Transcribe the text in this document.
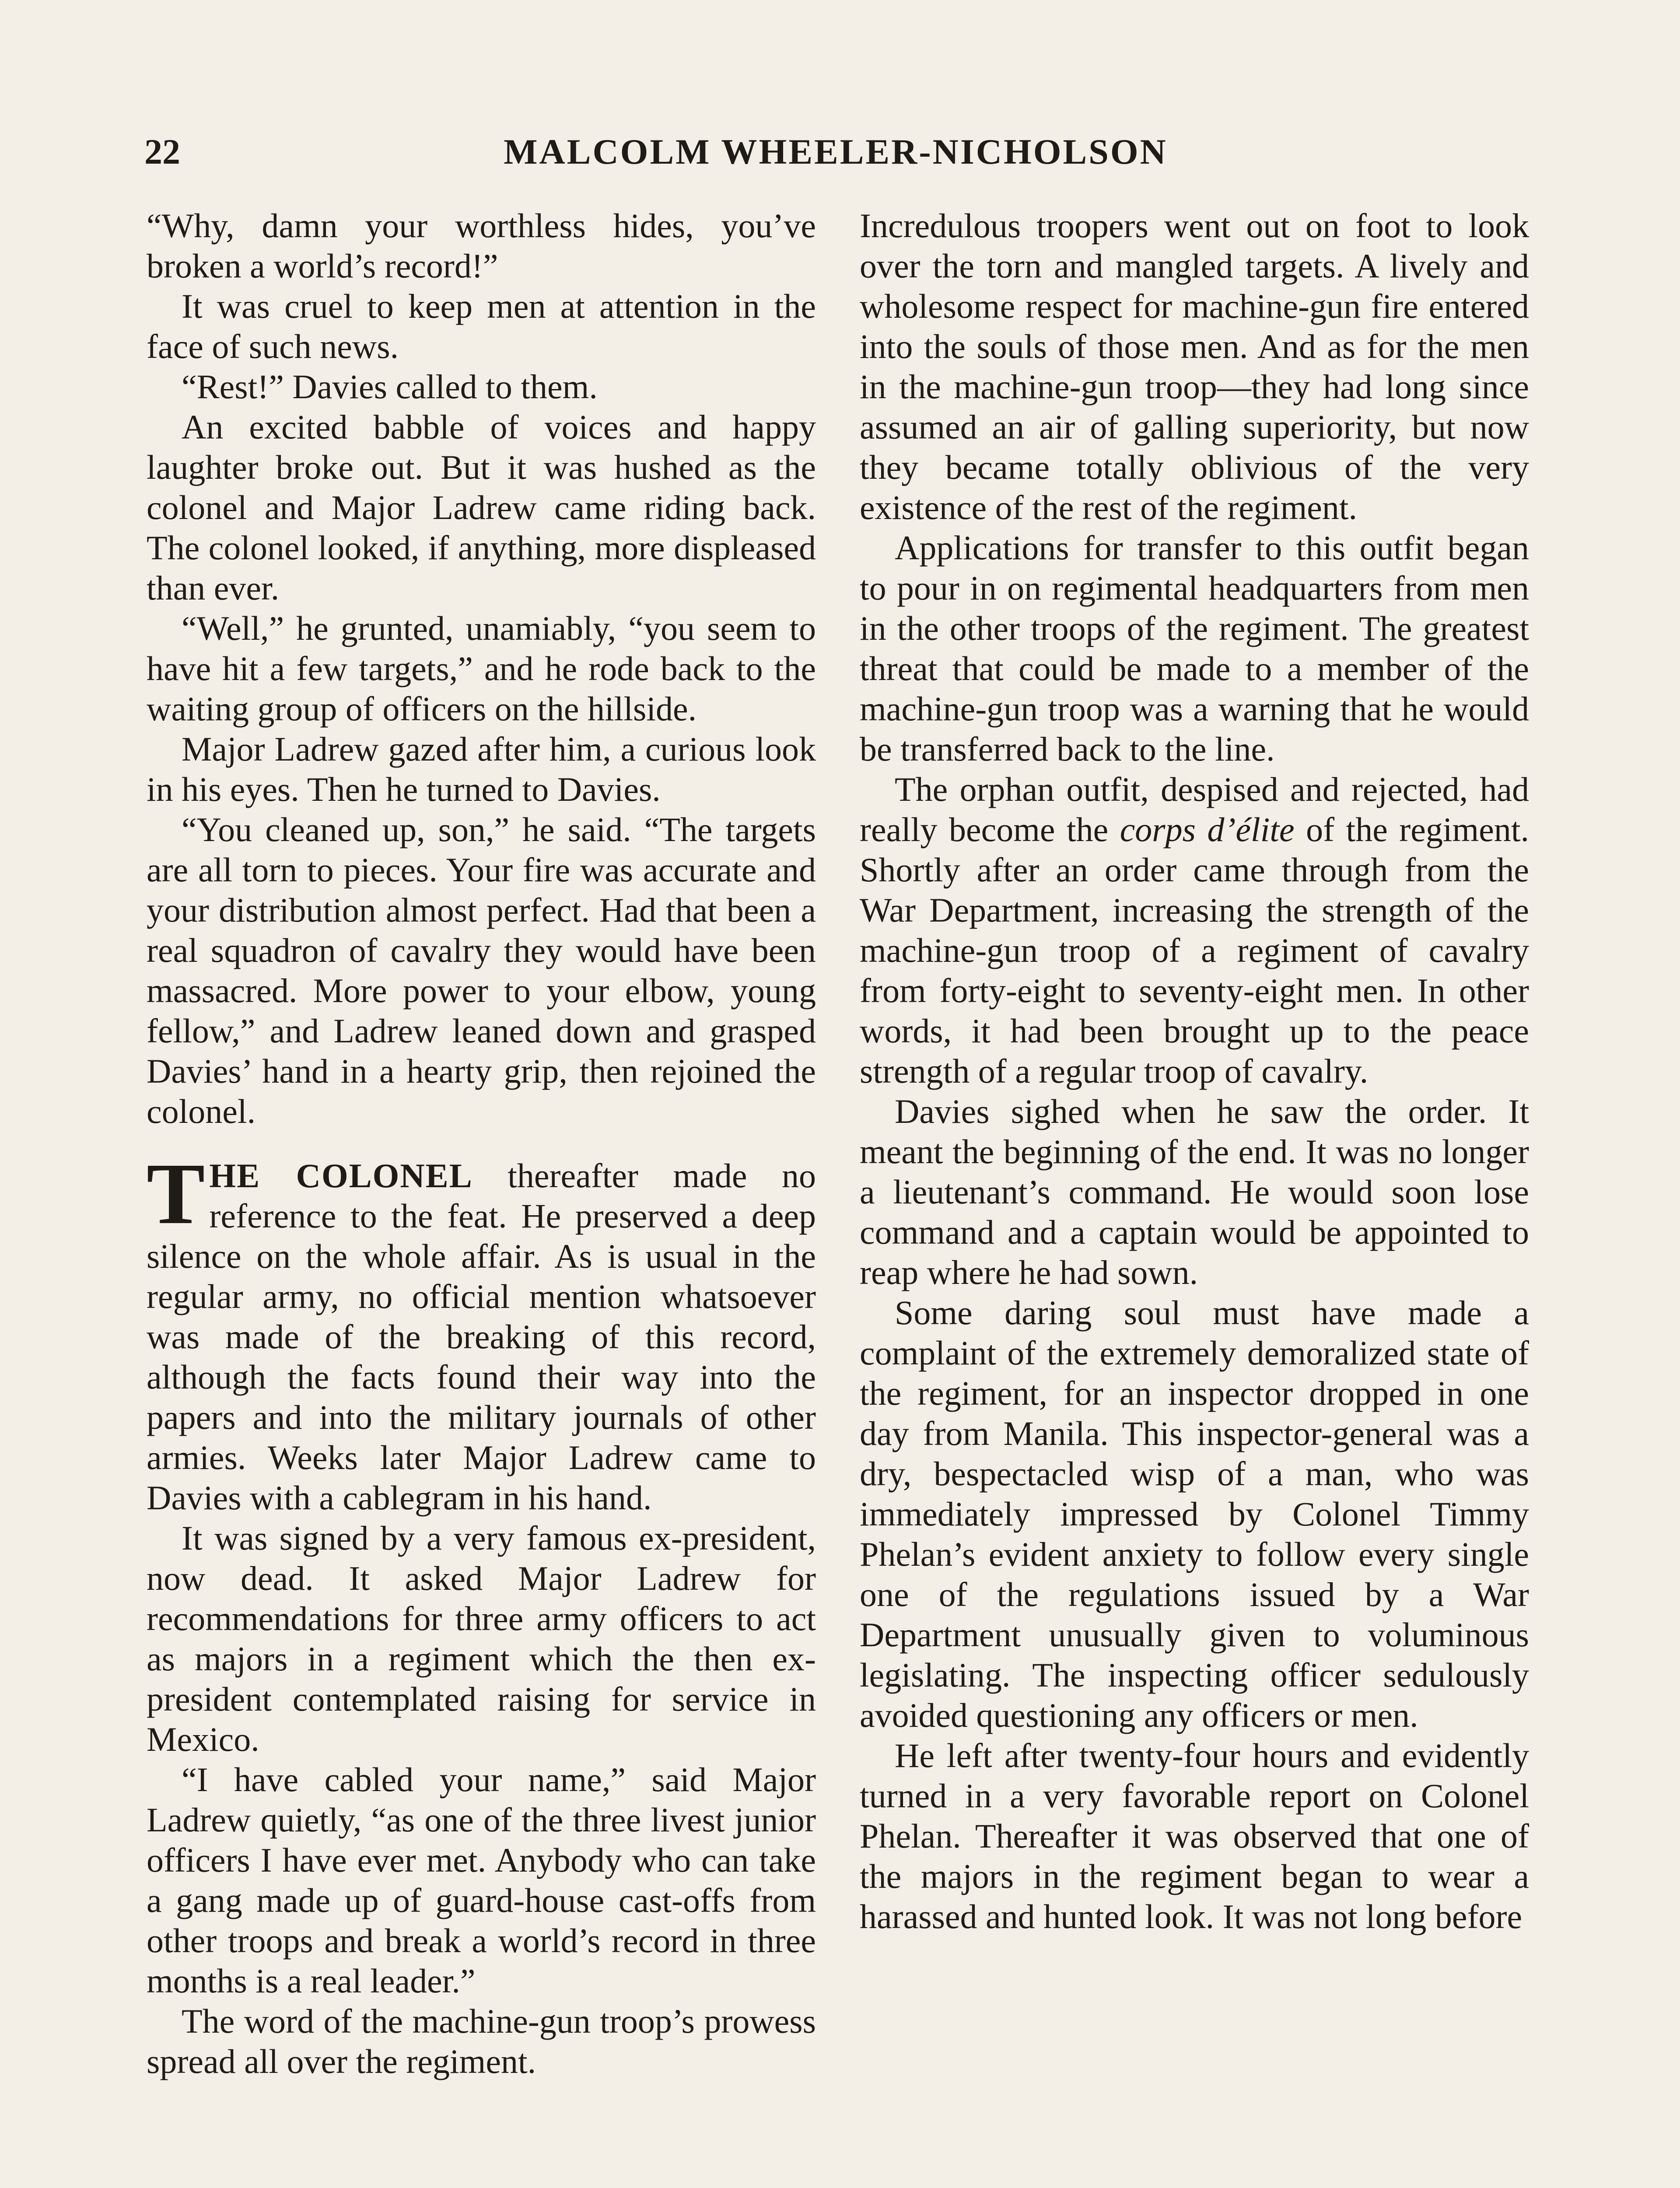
22	MALCOLM WHEELER-NICHOLSON

“Why, damn your worthless hides, you’ve broken a world’s record!”

It was cruel to keep men at attention in the face of such news.

“Rest!” Davies called to them.

An excited babble of voices and happy laughter broke out. But it was hushed as the colonel and Major Ladrew came riding back. The colonel looked, if anything, more displeased than ever.

“Well,” he grunted, unamiably, “you seem to have hit a few targets,” and he rode back to the waiting group of officers on the hillside.

Major Ladrew gazed after him, a curious look in his eyes. Then he turned to Davies.

“You cleaned up, son,” he said. “The targets are all torn to pieces. Your fire was accurate and your distribution almost perfect. Had that been a real squadron of cavalry they would have been massacred. More power to your elbow, young fellow,” and Ladrew leaned down and grasped Davies’ hand in a hearty grip, then rejoined the colonel.

THE COLONEL thereafter made no reference to the feat. He preserved a deep silence on the whole affair. As is usual in the regular army, no official mention whatsoever was made of the breaking of this record, although the facts found their way into the papers and into the military journals of other armies. Weeks later Major Ladrew came to Davies with a cablegram in his hand.

It was signed by a very famous ex-president, now dead. It asked Major Ladrew for recommendations for three army officers to act as majors in a regiment which the then ex-president contemplated raising for service in Mexico.

“I have cabled your name,” said Major Ladrew quietly, “as one of the three livest junior officers I have ever met. Anybody who can take a gang made up of guard-house cast-offs from other troops and break a world’s record in three months is a real leader.”

The word of the machine-gun troop’s prowess spread all over the regiment.

Incredulous troopers went out on foot to look over the torn and mangled targets. A lively and wholesome respect for machine-gun fire entered into the souls of those men. And as for the men in the machine-gun troop—they had long since assumed an air of galling superiority, but now they became totally oblivious of the very existence of the rest of the regiment.

Applications for transfer to this outfit began to pour in on regimental headquarters from men in the other troops of the regiment. The greatest threat that could be made to a member of the machine-gun troop was a warning that he would be transferred back to the line.

The orphan outfit, despised and rejected, had really become the corps d’élite of the regiment. Shortly after an order came through from the War Department, increasing the strength of the machine-gun troop of a regiment of cavalry from forty-eight to seventy-eight men. In other words, it had been brought up to the peace strength of a regular troop of cavalry.

Davies sighed when he saw the order. It meant the beginning of the end. It was no longer a lieutenant’s command. He would soon lose command and a captain would be appointed to reap where he had sown.

Some daring soul must have made a complaint of the extremely demoralized state of the regiment, for an inspector dropped in one day from Manila. This inspector-general was a dry, bespectacled wisp of a man, who was immediately impressed by Colonel Timmy Phelan’s evident anxiety to follow every single one of the regulations issued by a War Department unusually given to voluminous legislating. The inspecting officer sedulously avoided questioning any officers or men.

He left after twenty-four hours and evidently turned in a very favorable report on Colonel Phelan. Thereafter it was observed that one of the majors in the regiment began to wear a harassed and hunted look. It was not long before
